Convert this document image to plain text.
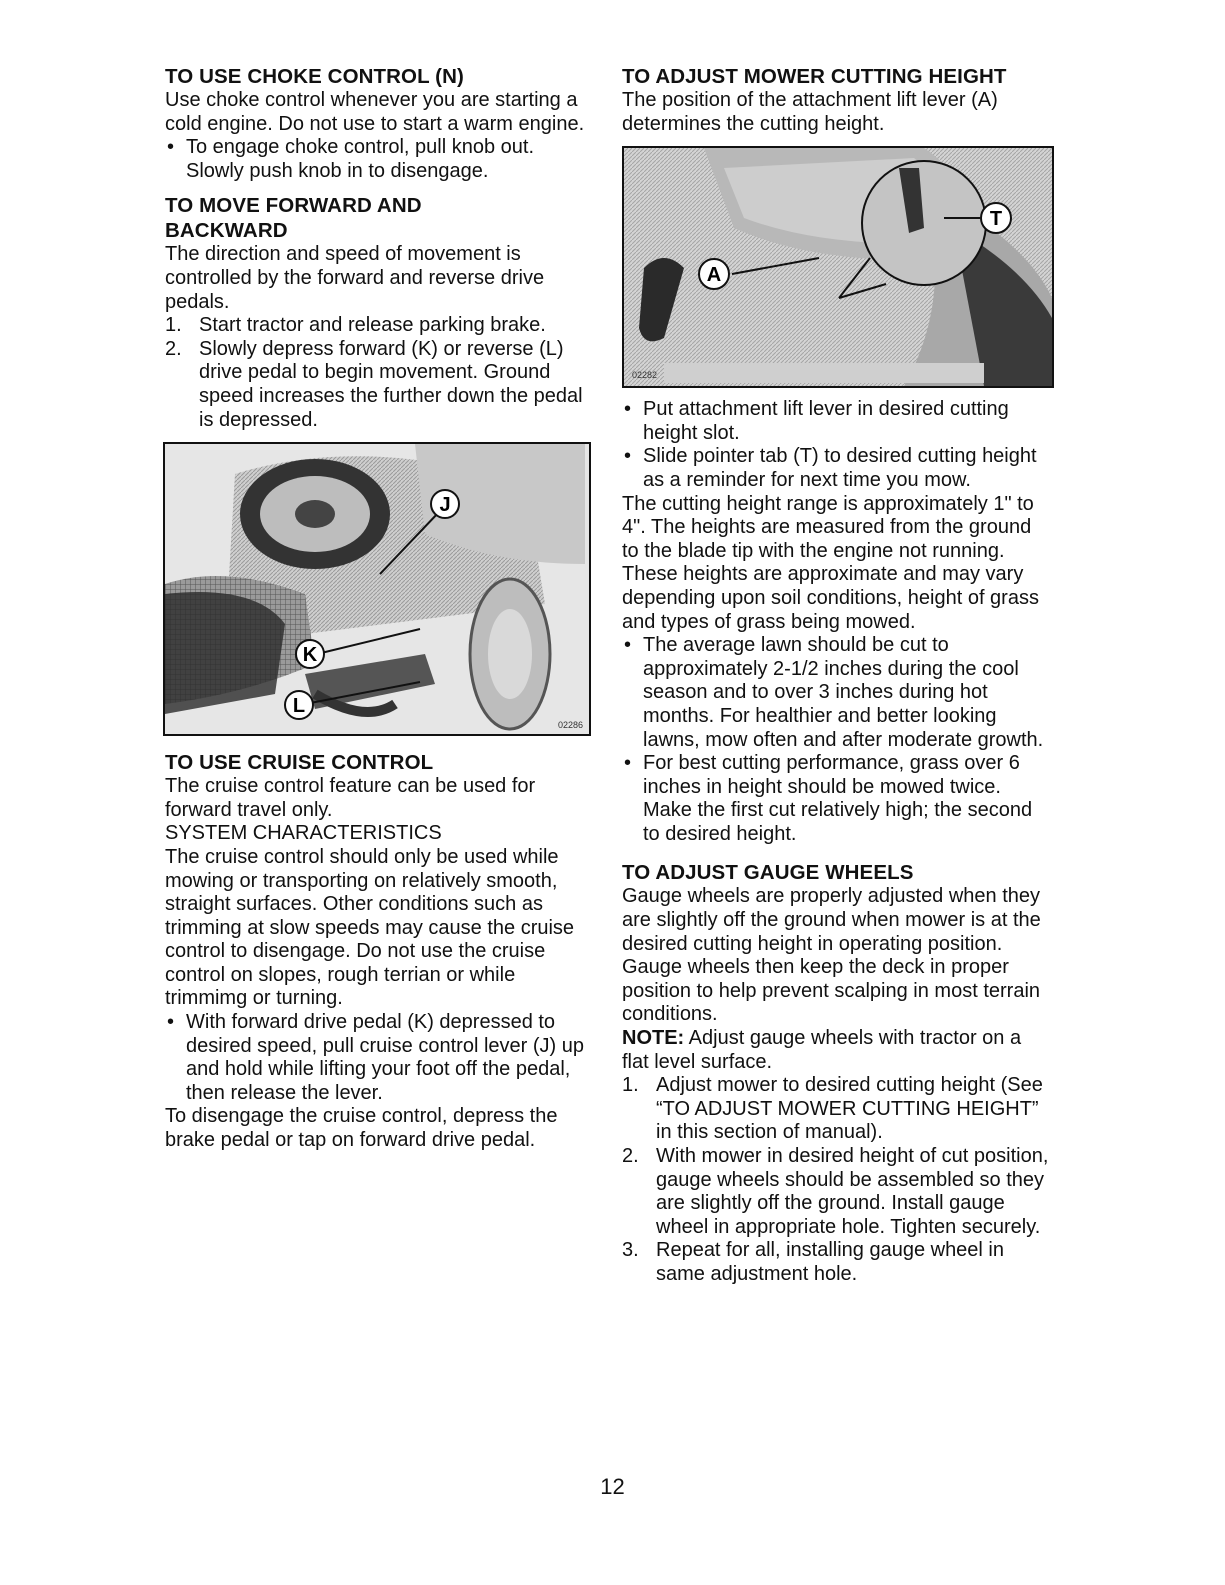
TO USE CHOKE CONTROL (N)

Use choke control whenever you are starting a cold engine. Do not use to start a warm engine.

• To engage choke control, pull knob out. Slowly push knob in to disengage.
TO MOVE FORWARD AND
BACKWARD

The direction and speed of movement is controlled by the forward and reverse drive pedals.

1. Start tractor and release parking brake.
2. Slowly depress forward (K) or reverse (L) drive pedal to begin movement. Ground speed increases the further down the pedal is depressed.
J
K
L
02286
TO USE CRUISE CONTROL

The cruise control feature can be used for forward travel only.

SYSTEM CHARACTERISTICS

The cruise control should only be used while mowing or transporting on relatively smooth, straight surfaces. Other conditions such as trimming at slow speeds may cause the cruise control to disengage. Do not use the cruise control on slopes, rough terrian or while trimmimg or turning.

• With forward drive pedal (K) depressed to desired speed, pull cruise control lever (J) up and hold while lifting your foot off the pedal, then release the lever.

To disengage the cruise control, depress the brake pedal or tap on forward drive pedal.

TO ADJUST MOWER CUTTING HEIGHT

The position of the attachment lift lever (A) determines the cutting height.

A
T
02282
• Put attachment lift lever in desired cutting height slot.
• Slide pointer tab (T) to desired cutting height as a reminder for next time you mow.

The cutting height range is approximately 1" to 4". The heights are measured from the ground to the blade tip with the engine not running. These heights are approximate and may vary depending upon soil conditions, height of grass and types of grass being mowed.

• The average lawn should be cut to approximately 2-1/2 inches during the cool season and to over 3 inches during hot months. For healthier and better looking lawns, mow often and after moderate growth.
• For best cutting performance, grass over 6 inches in height should be mowed twice. Make the first cut relatively high; the second to desired height.
TO ADJUST GAUGE WHEELS

Gauge wheels are properly adjusted when they are slightly off the ground when mower is at the desired cutting height in operating position. Gauge wheels then keep the deck in proper position to help prevent scalping in most terrain conditions.

NOTE: Adjust gauge wheels with tractor on a flat level surface.

1. Adjust mower to desired cutting height (See “TO ADJUST MOWER CUTTING HEIGHT” in this section of manual).
2. With mower in desired height of cut position, gauge wheels should be assembled so they are slightly off the ground. Install gauge wheel in appropriate hole. Tighten securely.
3. Repeat for all, installing gauge wheel in same adjustment hole.
12
